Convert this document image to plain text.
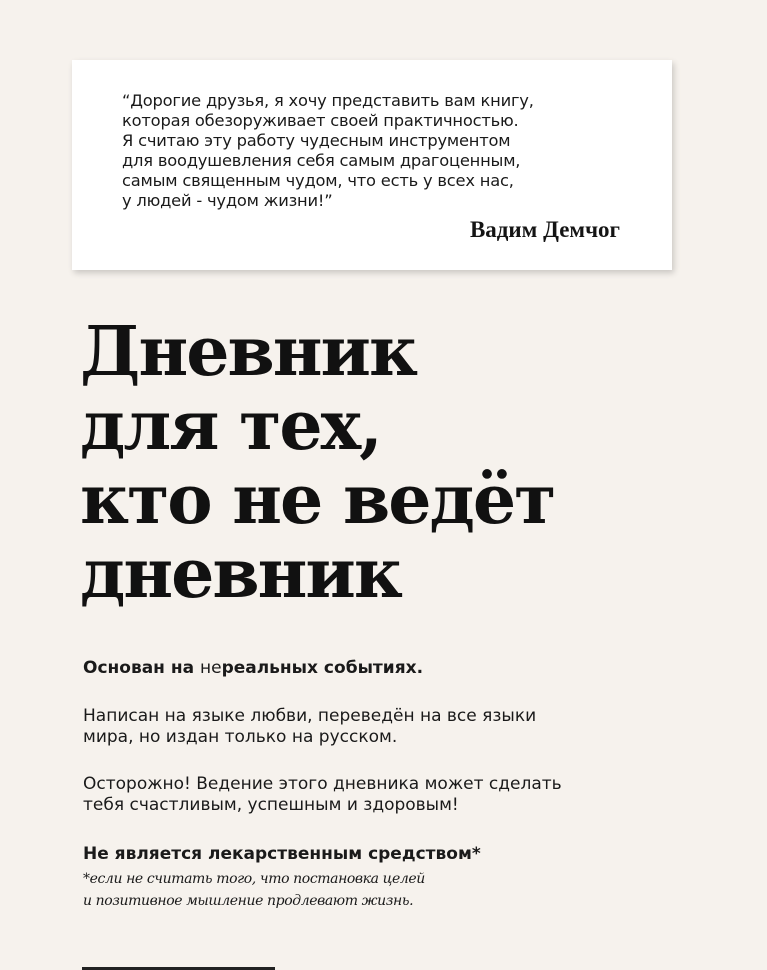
“Дорогие друзья, я хочу представить вам книгу,
которая обезоруживает своей практичностью.
Я считаю эту работу чудесным инструментом
для воодушевления себя самым драгоценным,
самым священным чудом, что есть у всех нас,
у людей - чудом жизни!”
Вадим Демчог
Дневник
для тех,
кто не ведёт
дневник
Основан на нереальных событиях.
Написан на языке любви, переведён на все языки
мира, но издан только на русском.
Осторожно! Ведение этого дневника может сделать
тебя счастливым, успешным и здоровым!
Не является лекарственным средством*
*если не считать того, что постановка целей
и позитивное мышление продлевают жизнь.
